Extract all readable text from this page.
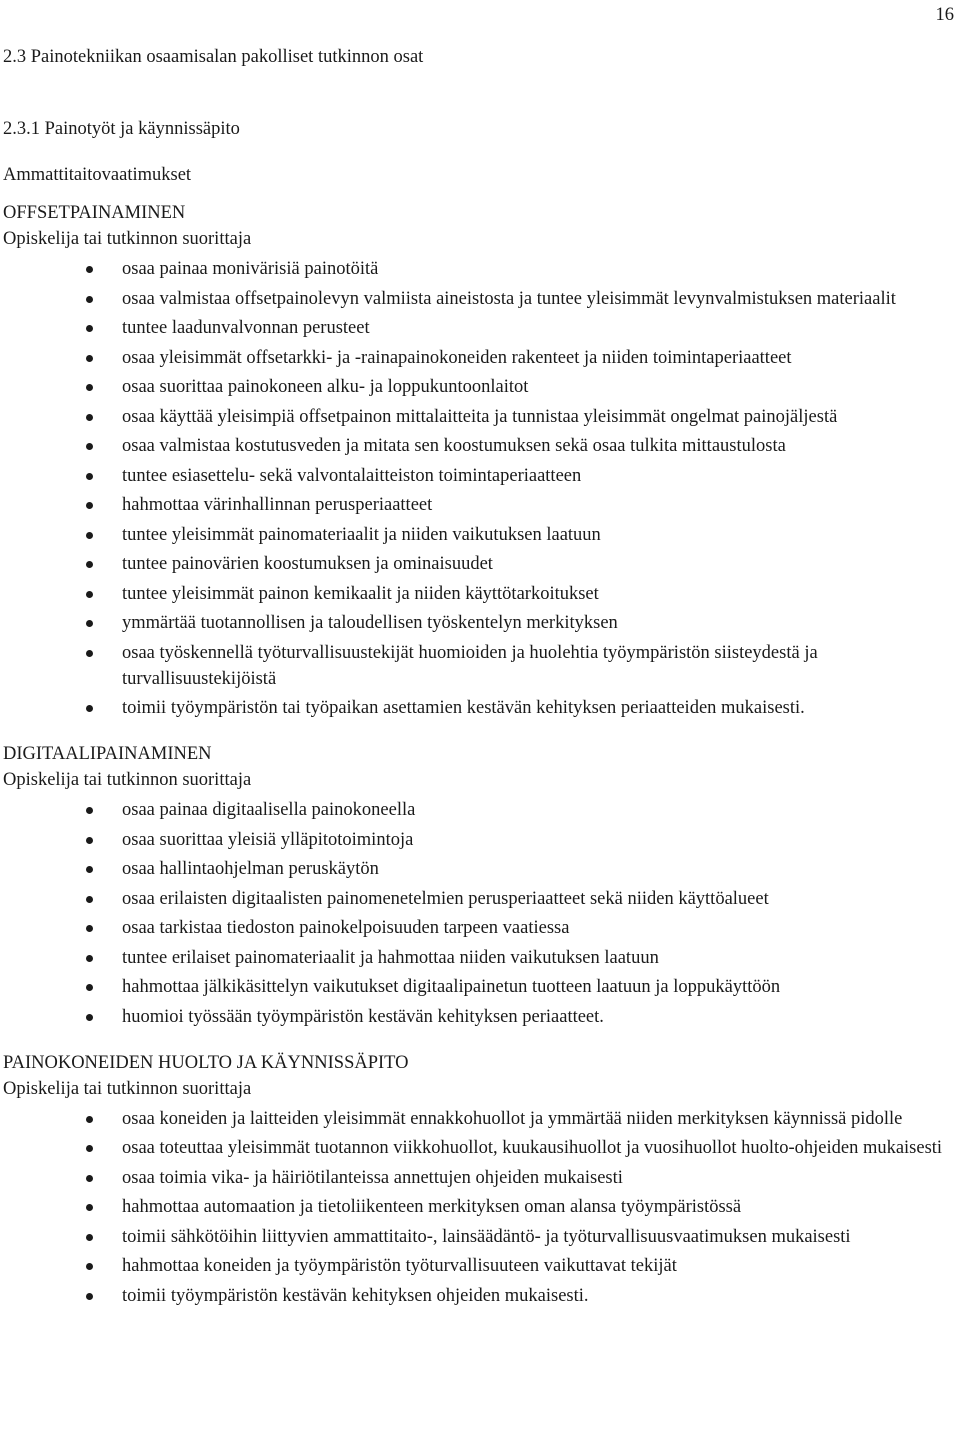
16
2.3 Painotekniikan osaamisalan pakolliset tutkinnon osat
2.3.1 Painotyöt ja käynnissäpito
Ammattitaitovaatimukset
OFFSETPAINAMINEN
Opiskelija tai tutkinnon suorittaja
osaa painaa monivärisiä painotöitä
osaa valmistaa offsetpainolevyn valmiista aineistosta ja tuntee yleisimmät levynvalmistuksen materiaalit
tuntee laadunvalvonnan perusteet
osaa yleisimmät offsetarkki- ja -rainapainokoneiden rakenteet ja niiden toimintaperiaatteet
osaa suorittaa painokoneen alku- ja loppukuntoonlaitot
osaa käyttää yleisimpiä offsetpainon mittalaitteita ja tunnistaa yleisimmät ongelmat painojäljestä
osaa valmistaa kostutusveden ja mitata sen koostumuksen sekä osaa tulkita mittaustulosta
tuntee esiasettelu- sekä valvontalaitteiston toimintaperiaatteen
hahmottaa värinhallinnan perusperiaatteet
tuntee yleisimmät painomateriaalit ja niiden vaikutuksen laatuun
tuntee painovärien koostumuksen ja ominaisuudet
tuntee yleisimmät painon kemikaalit ja niiden käyttötarkoitukset
ymmärtää tuotannollisen ja taloudellisen työskentelyn merkityksen
osaa työskennellä työturvallisuustekijät huomioiden ja huolehtia työympäristön siisteydestä ja turvallisuustekijöistä
toimii työympäristön tai työpaikan asettamien kestävän kehityksen periaatteiden mukaisesti.
DIGITAALIPAINAMINEN
Opiskelija tai tutkinnon suorittaja
osaa painaa digitaalisella painokoneella
osaa suorittaa yleisiä ylläpitotoimintoja
osaa hallintaohjelman peruskäytön
osaa erilaisten digitaalisten painomenetelmien perusperiaatteet sekä niiden käyttöalueet
osaa tarkistaa tiedoston painokelpoisuuden tarpeen vaatiessa
tuntee erilaiset painomateriaalit ja hahmottaa niiden vaikutuksen laatuun
hahmottaa jälkikäsittelyn vaikutukset digitaalipainetun tuotteen laatuun ja loppukäyttöön
huomioi työssään työympäristön kestävän kehityksen periaatteet.
PAINOKONEIDEN HUOLTO JA KÄYNNISSÄPITO
Opiskelija tai tutkinnon suorittaja
osaa koneiden ja laitteiden yleisimmät ennakkohuollot ja ymmärtää niiden merkityksen käynnissä pidolle
osaa toteuttaa yleisimmät tuotannon viikkohuollot, kuukausihuollot ja vuosihuollot huolto-ohjeiden mukaisesti
osaa toimia vika- ja häiriötilanteissa annettujen ohjeiden mukaisesti
hahmottaa automaation ja tietoliikenteen merkityksen oman alansa työympäristössä
toimii sähkötöihin liittyvien ammattitaito-, lainsäädäntö- ja työturvallisuusvaatimuksen mukaisesti
hahmottaa koneiden ja työympäristön työturvallisuuteen vaikuttavat tekijät
toimii työympäristön kestävän kehityksen ohjeiden mukaisesti.
